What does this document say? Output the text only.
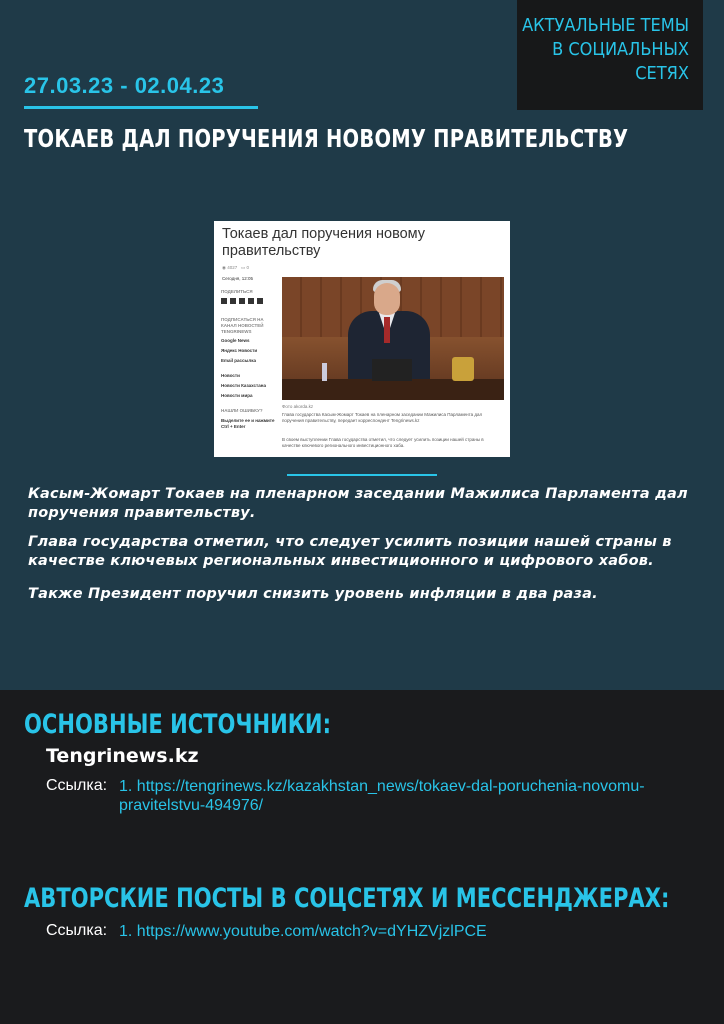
АКТУАЛЬНЫЕ ТЕМЫ
В СОЦИАЛЬНЫХ
СЕТЯХ
27.03.23 - 02.04.23
ТОКАЕВ ДАЛ ПОРУЧЕНИЯ НОВОМУ ПРАВИТЕЛЬСТВУ
Токаев дал поручения новому правительству
◉ 4027 ▭ 0
Сегодня, 12:05
ПОДЕЛИТЬСЯ
ПОДПИСАТЬСЯ НА КАНАЛ НОВОСТЕЙ TENGRINEWS
Google News
Яндекс Новости
Email рассылка
Новости
Новости Казахстана
Новости мира
НАШЛИ ОШИБКУ?
Выделите ее и нажмите Ctrl + Enter
Фото akorda.kz
Глава государства Касым-Жомарт Токаев на пленарном заседании Мажилиса Парламента дал поручения правительству, передает корреспондент Tengrinews.kz
В своем выступлении Глава государства отметил, что следует усилить позиции нашей страны в качестве ключевого регионального инвестиционного хаба.
Касым-Жомарт Токаев на пленарном заседании Мажилиса Парламента дал поручения правительству.
Глава государства отметил, что следует усилить позиции нашей страны в качестве ключевых региональных инвестиционного и цифрового хабов.
Также Президент поручил снизить уровень инфляции в два раза.
ОСНОВНЫЕ ИСТОЧНИКИ:
Tengrinews.kz
Ссылка: 1. https://tengrinews.kz/kazakhstan_news/tokaev-dal-poruchenia-novomu-
pravitelstvu-494976/
АВТОРСКИЕ ПОСТЫ В СОЦСЕТЯХ И МЕССЕНДЖЕРАХ:
Ссылка: 1. https://www.youtube.com/watch?v=dYHZVjzlPCE
